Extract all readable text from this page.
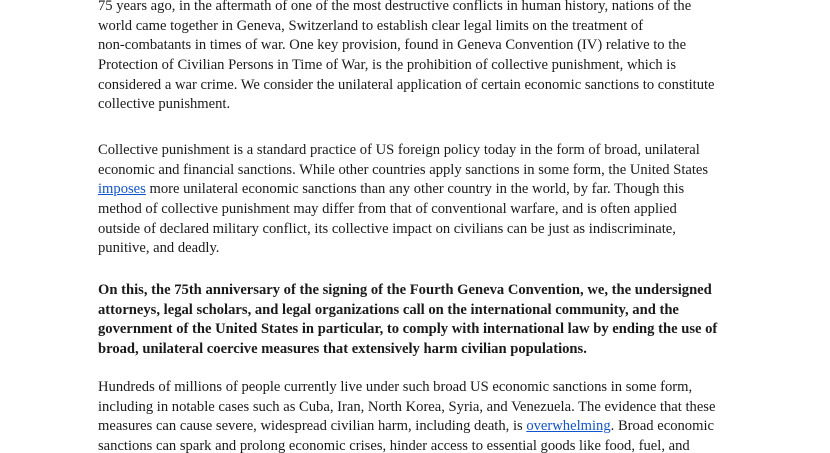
75 years ago, in the aftermath of one of the most destructive conflicts in human history, nations of the
world came together in Geneva, Switzerland to establish clear legal limits on the treatment of
non-combatants in times of war. One key provision, found in Geneva Convention (IV) relative to the
Protection of Civilian Persons in Time of War, is the prohibition of collective punishment, which is
considered a war crime. We consider the unilateral application of certain economic sanctions to constitute
collective punishment.

Collective punishment is a standard practice of US foreign policy today in the form of broad, unilateral
economic and financial sanctions. While other countries apply sanctions in some form, the United States
imposes more unilateral economic sanctions than any other country in the world, by far. Though this
method of collective punishment may differ from that of conventional warfare, and is often applied
outside of declared military conflict, its collective impact on civilians can be just as indiscriminate,
punitive, and deadly.

On this, the 75th anniversary of the signing of the Fourth Geneva Convention, we, the undersigned
attorneys, legal scholars, and legal organizations call on the international community, and the
government of the United States in particular, to comply with international law by ending the use of
broad, unilateral coercive measures that extensively harm civilian populations.

Hundreds of millions of people currently live under such broad US economic sanctions in some form,
including in notable cases such as Cuba, Iran, North Korea, Syria, and Venezuela. The evidence that these
measures can cause severe, widespread civilian harm, including death, is overwhelming. Broad economic
sanctions can spark and prolong economic crises, hinder access to essential goods like food, fuel, and
